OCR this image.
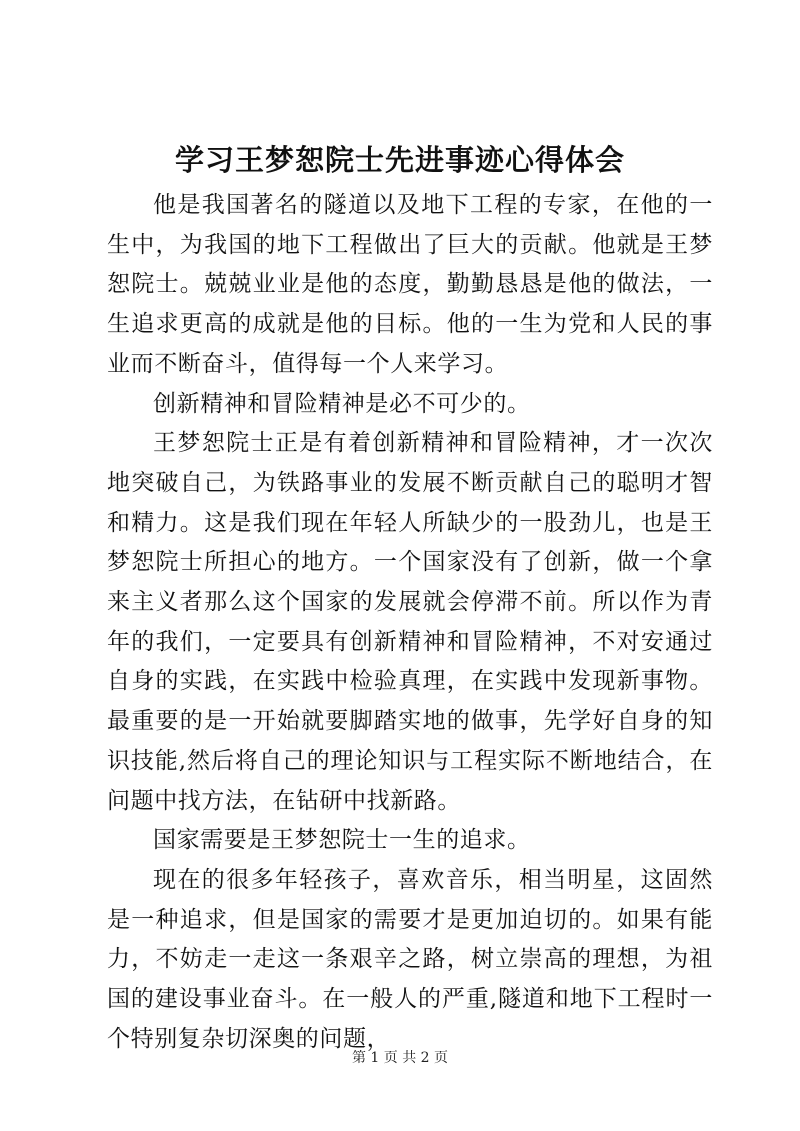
学习王梦恕院士先进事迹心得体会

他是我国著名的隧道以及地下工程的专家，在他的一生中，为我国的地下工程做出了巨大的贡献。他就是王梦恕院士。兢兢业业是他的态度，勤勤恳恳是他的做法，一生追求更高的成就是他的目标。他的一生为党和人民的事业而不断奋斗，值得每一个人来学习。

创新精神和冒险精神是必不可少的。

王梦恕院士正是有着创新精神和冒险精神，才一次次地突破自己，为铁路事业的发展不断贡献自己的聪明才智和精力。这是我们现在年轻人所缺少的一股劲儿，也是王梦恕院士所担心的地方。一个国家没有了创新，做一个拿来主义者那么这个国家的发展就会停滞不前。所以作为青年的我们，一定要具有创新精神和冒险精神，不对安通过自身的实践，在实践中检验真理，在实践中发现新事物。最重要的是一开始就要脚踏实地的做事，先学好自身的知识技能,然后将自己的理论知识与工程实际不断地结合，在问题中找方法，在钻研中找新路。

国家需要是王梦恕院士一生的追求。

现在的很多年轻孩子，喜欢音乐，相当明星，这固然是一种追求，但是国家的需要才是更加迫切的。如果有能力，不妨走一走这一条艰辛之路，树立崇高的理想，为祖国的建设事业奋斗。在一般人的严重,隧道和地下工程时一个特别复杂切深奥的问题，

第 1 页 共 2 页
